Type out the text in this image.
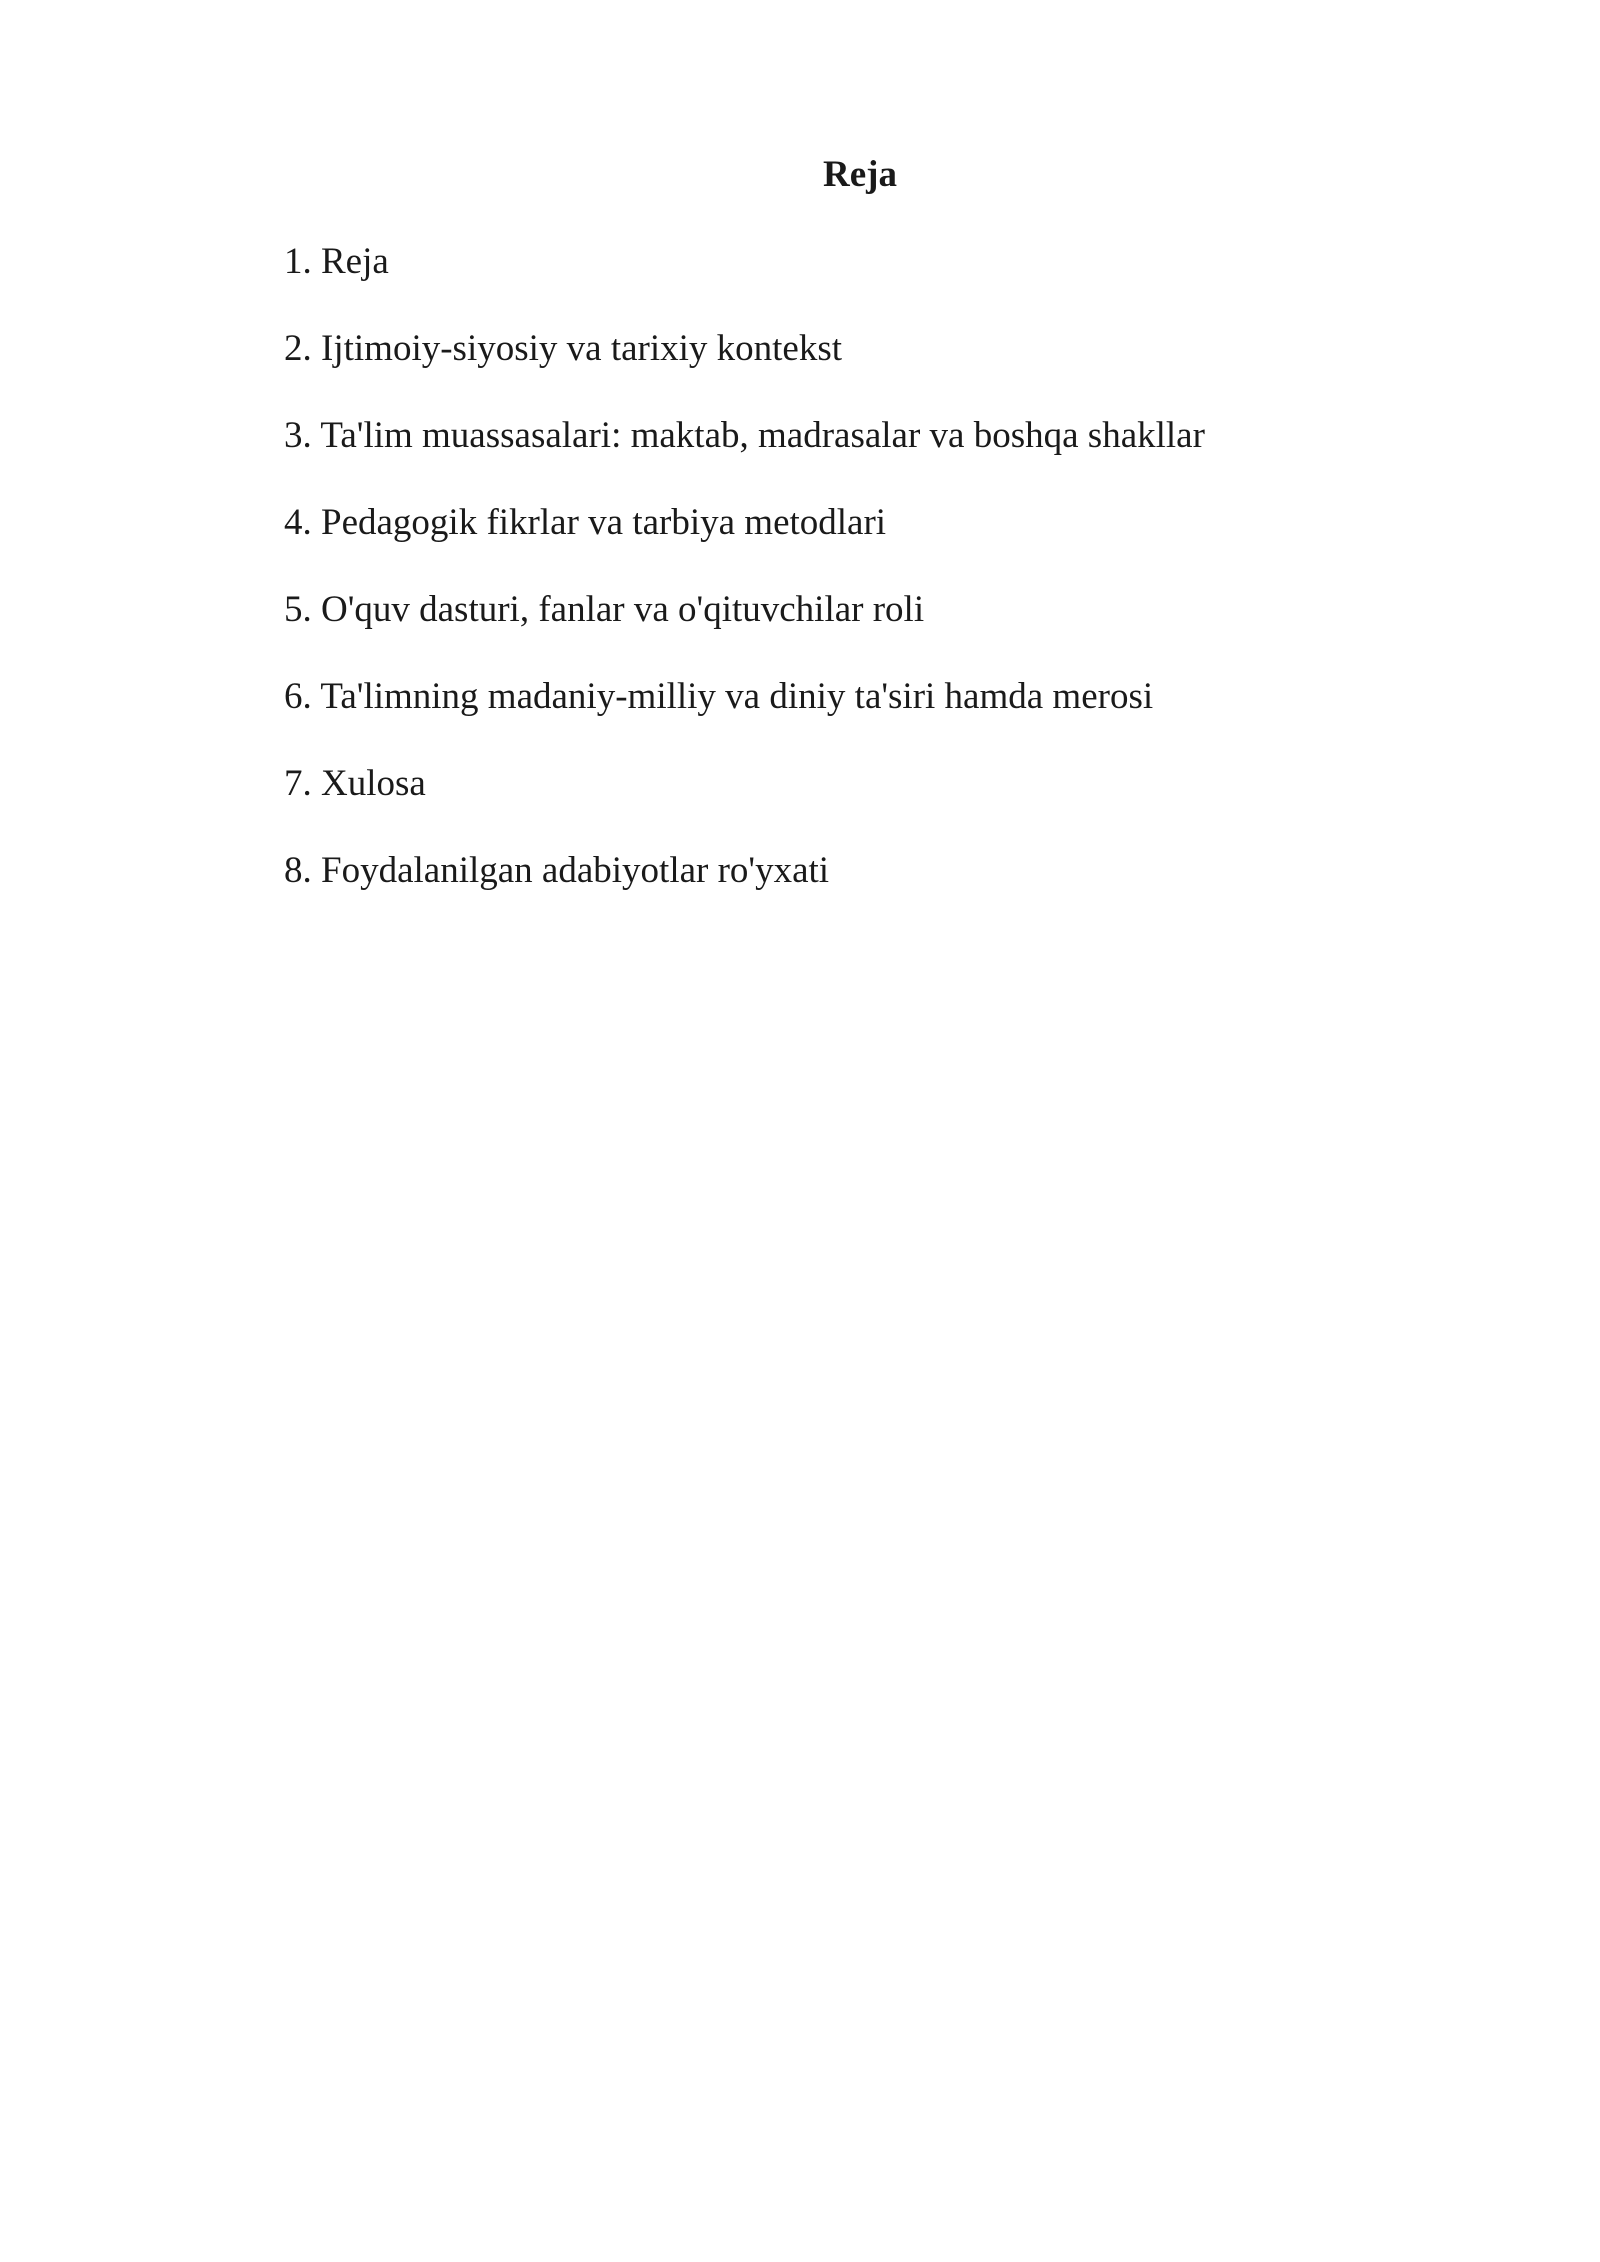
Reja
1. Reja
2. Ijtimoiy-siyosiy va tarixiy kontekst
3. Ta'lim muassasalari: maktab, madrasalar va boshqa shakllar
4. Pedagogik fikrlar va tarbiya metodlari
5. O'quv dasturi, fanlar va o'qituvchilar roli
6. Ta'limning madaniy-milliy va diniy ta'siri hamda merosi
7. Xulosa
8. Foydalanilgan adabiyotlar ro'yxati
